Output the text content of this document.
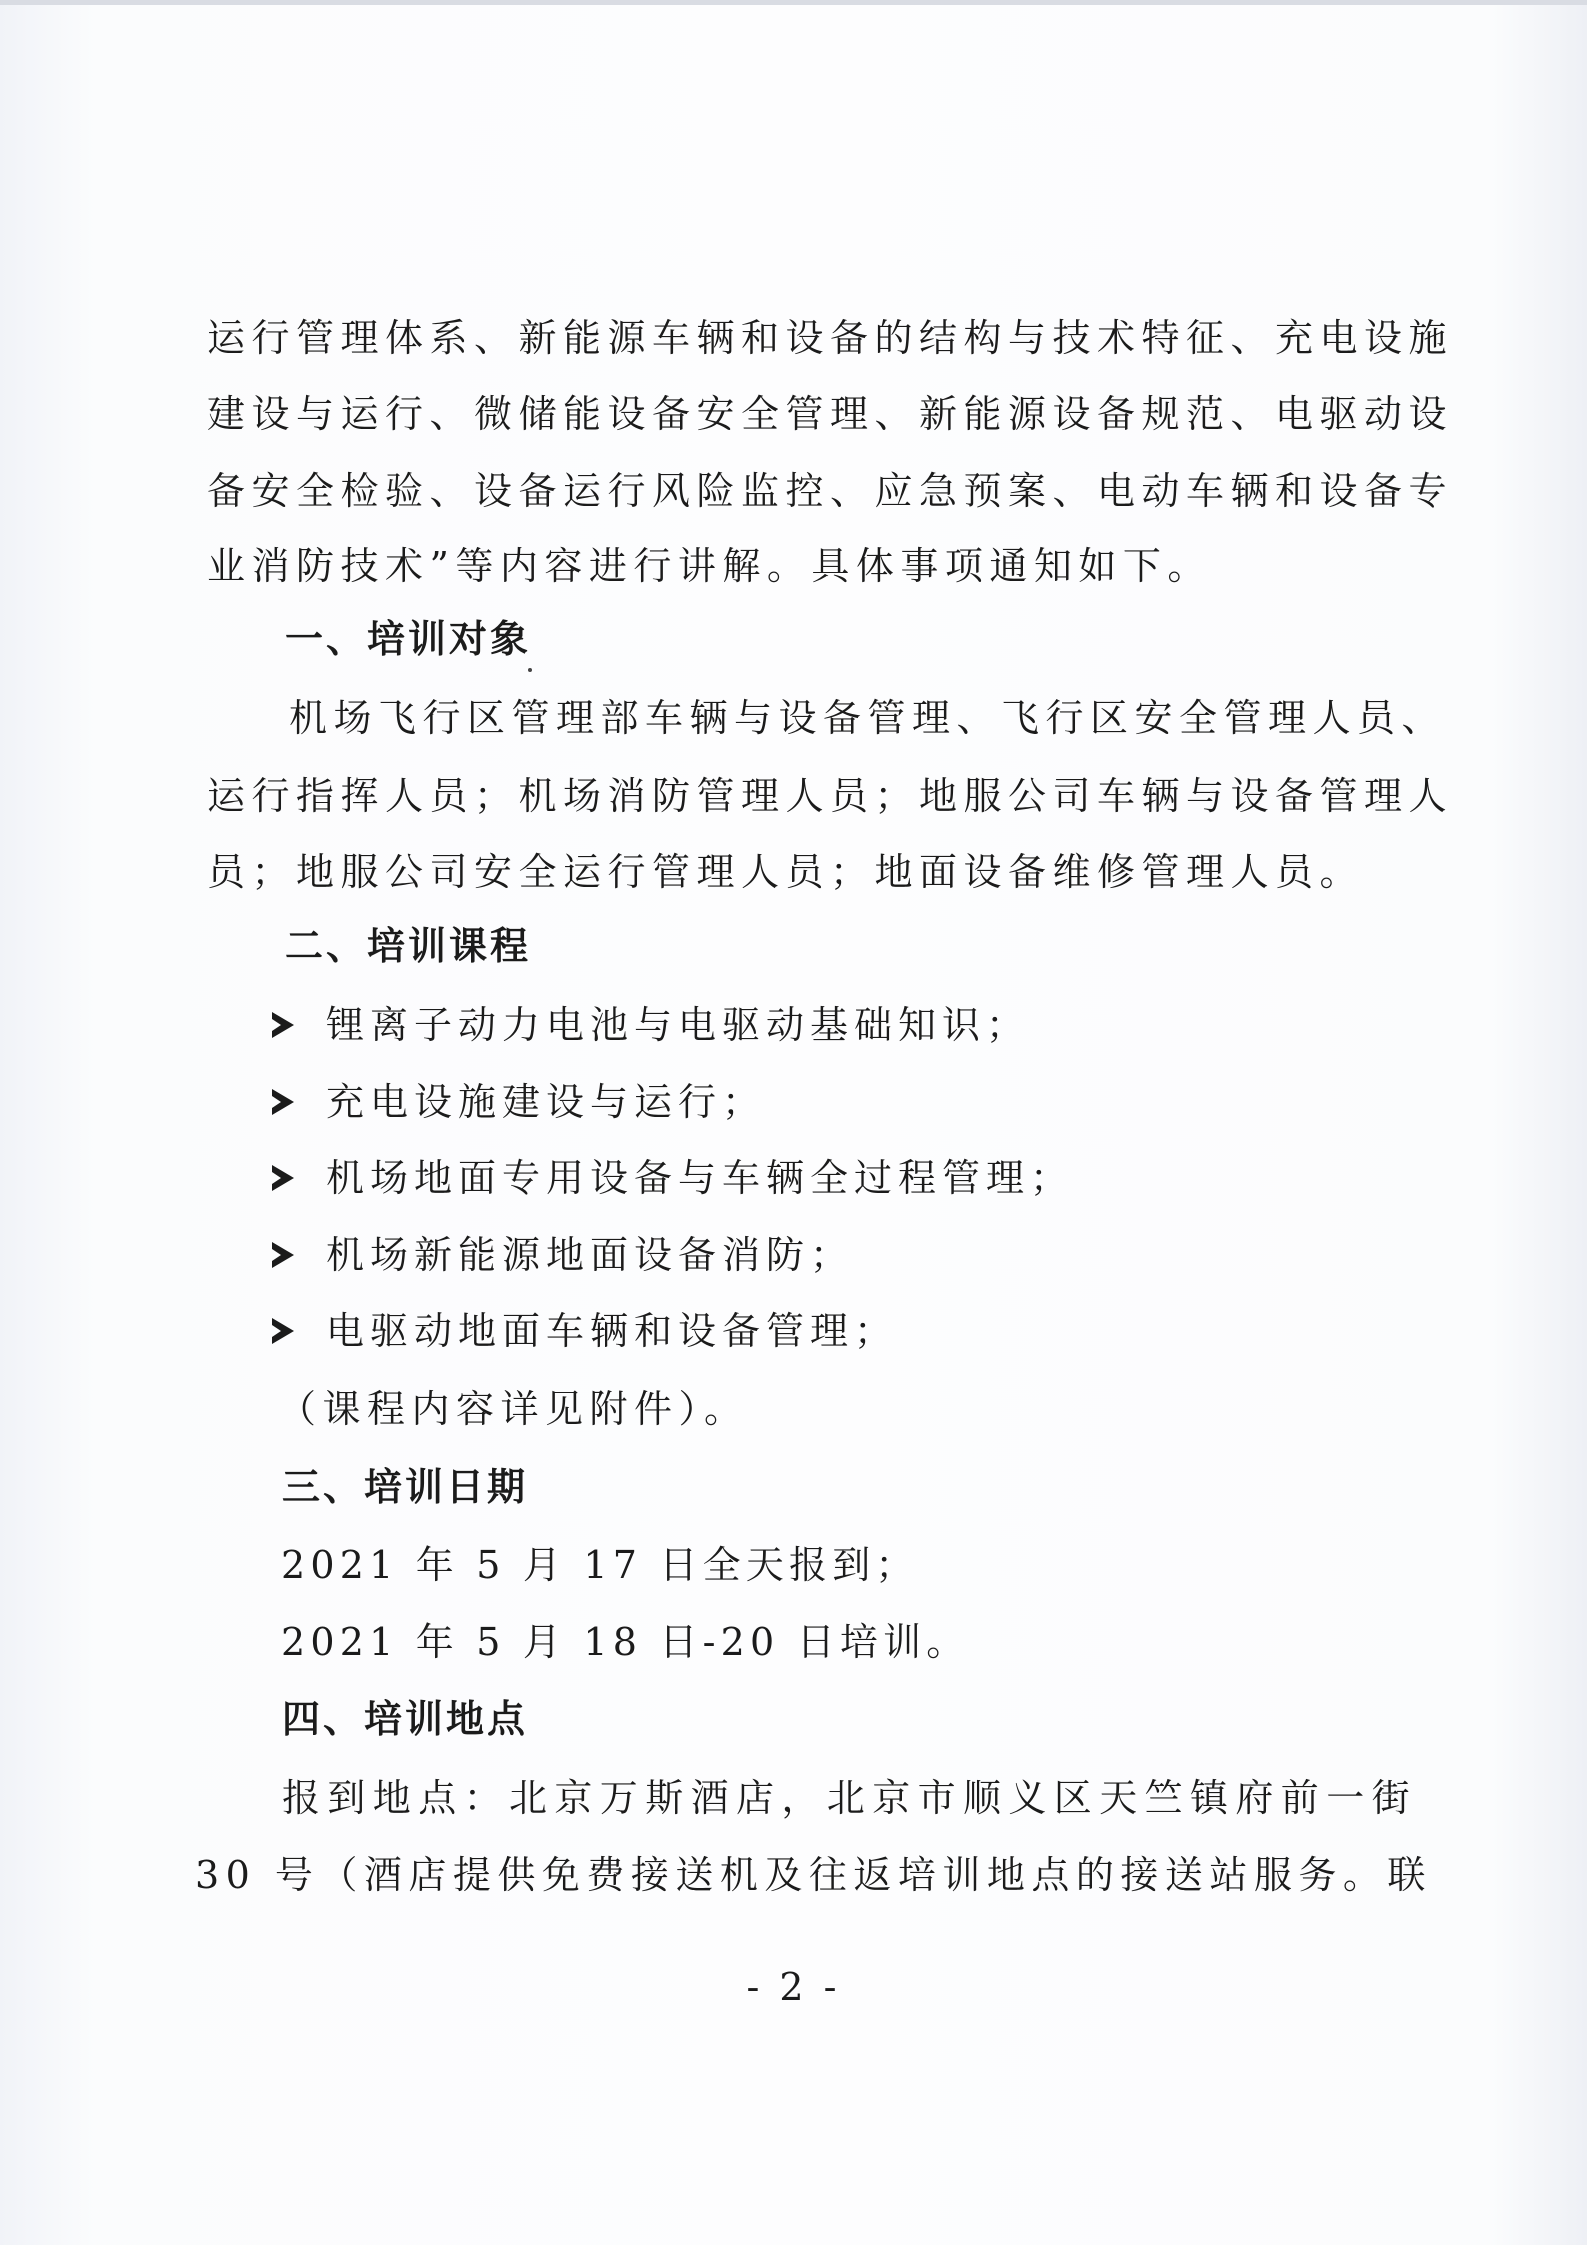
运行管理体系、新能源车辆和设备的结构与技术特征、充电设施
建设与运行、微储能设备安全管理、新能源设备规范、电驱动设
备安全检验、设备运行风险监控、应急预案、电动车辆和设备专
业消防技术”等内容进行讲解。具体事项通知如下。
一、培训对象
机场飞行区管理部车辆与设备管理、飞行区安全管理人员、
运行指挥人员；机场消防管理人员；地服公司车辆与设备管理人
员；地服公司安全运行管理人员；地面设备维修管理人员。
二、培训课程
锂离子动力电池与电驱动基础知识；
充电设施建设与运行；
机场地面专用设备与车辆全过程管理；
机场新能源地面设备消防；
电驱动地面车辆和设备管理；
（课程内容详见附件）。
三、培训日期
2021 年 5 月 17 日全天报到；
2021 年 5 月 18 日-20 日培训。
四、培训地点
报到地点：北京万斯酒店，北京市顺义区天竺镇府前一街
30 号（酒店提供免费接送机及往返培训地点的接送站服务。联
- 2 -
